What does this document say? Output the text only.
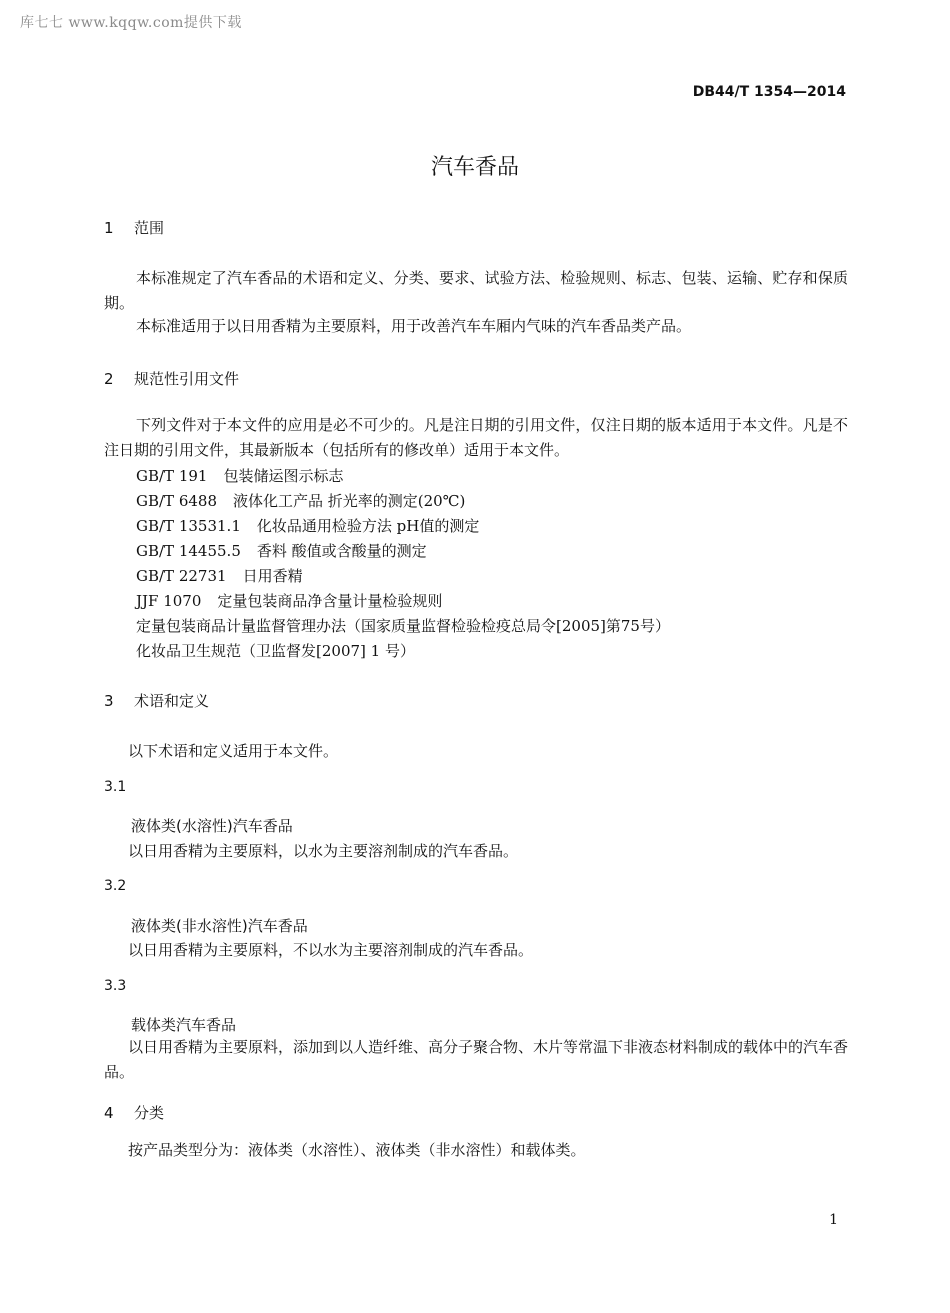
库七七 www.kqqw.com提供下载
DB44/T 1354—2014
汽车香品
1 范围
本标准规定了汽车香品的术语和定义、分类、要求、试验方法、检验规则、标志、包装、运输、贮存和保质期。
本标准适用于以日用香精为主要原料，用于改善汽车车厢内气味的汽车香品类产品。
2 规范性引用文件
下列文件对于本文件的应用是必不可少的。凡是注日期的引用文件，仅注日期的版本适用于本文件。凡是不注日期的引用文件，其最新版本（包括所有的修改单）适用于本文件。
GB/T 191 包装储运图示标志
GB/T 6488 液体化工产品 折光率的测定(20℃)
GB/T 13531.1 化妆品通用检验方法 pH值的测定
GB/T 14455.5 香料 酸值或含酸量的测定
GB/T 22731 日用香精
JJF 1070 定量包装商品净含量计量检验规则
定量包装商品计量监督管理办法（国家质量监督检验检疫总局令[2005]第75号）
化妆品卫生规范（卫监督发[2007] 1 号）
3 术语和定义
以下术语和定义适用于本文件。
3.1
液体类(水溶性)汽车香品
以日用香精为主要原料，以水为主要溶剂制成的汽车香品。
3.2
液体类(非水溶性)汽车香品
以日用香精为主要原料，不以水为主要溶剂制成的汽车香品。
3.3
载体类汽车香品
以日用香精为主要原料，添加到以人造纤维、高分子聚合物、木片等常温下非液态材料制成的载体中的汽车香品。
4 分类
按产品类型分为：液体类（水溶性）、液体类（非水溶性）和载体类。
1
